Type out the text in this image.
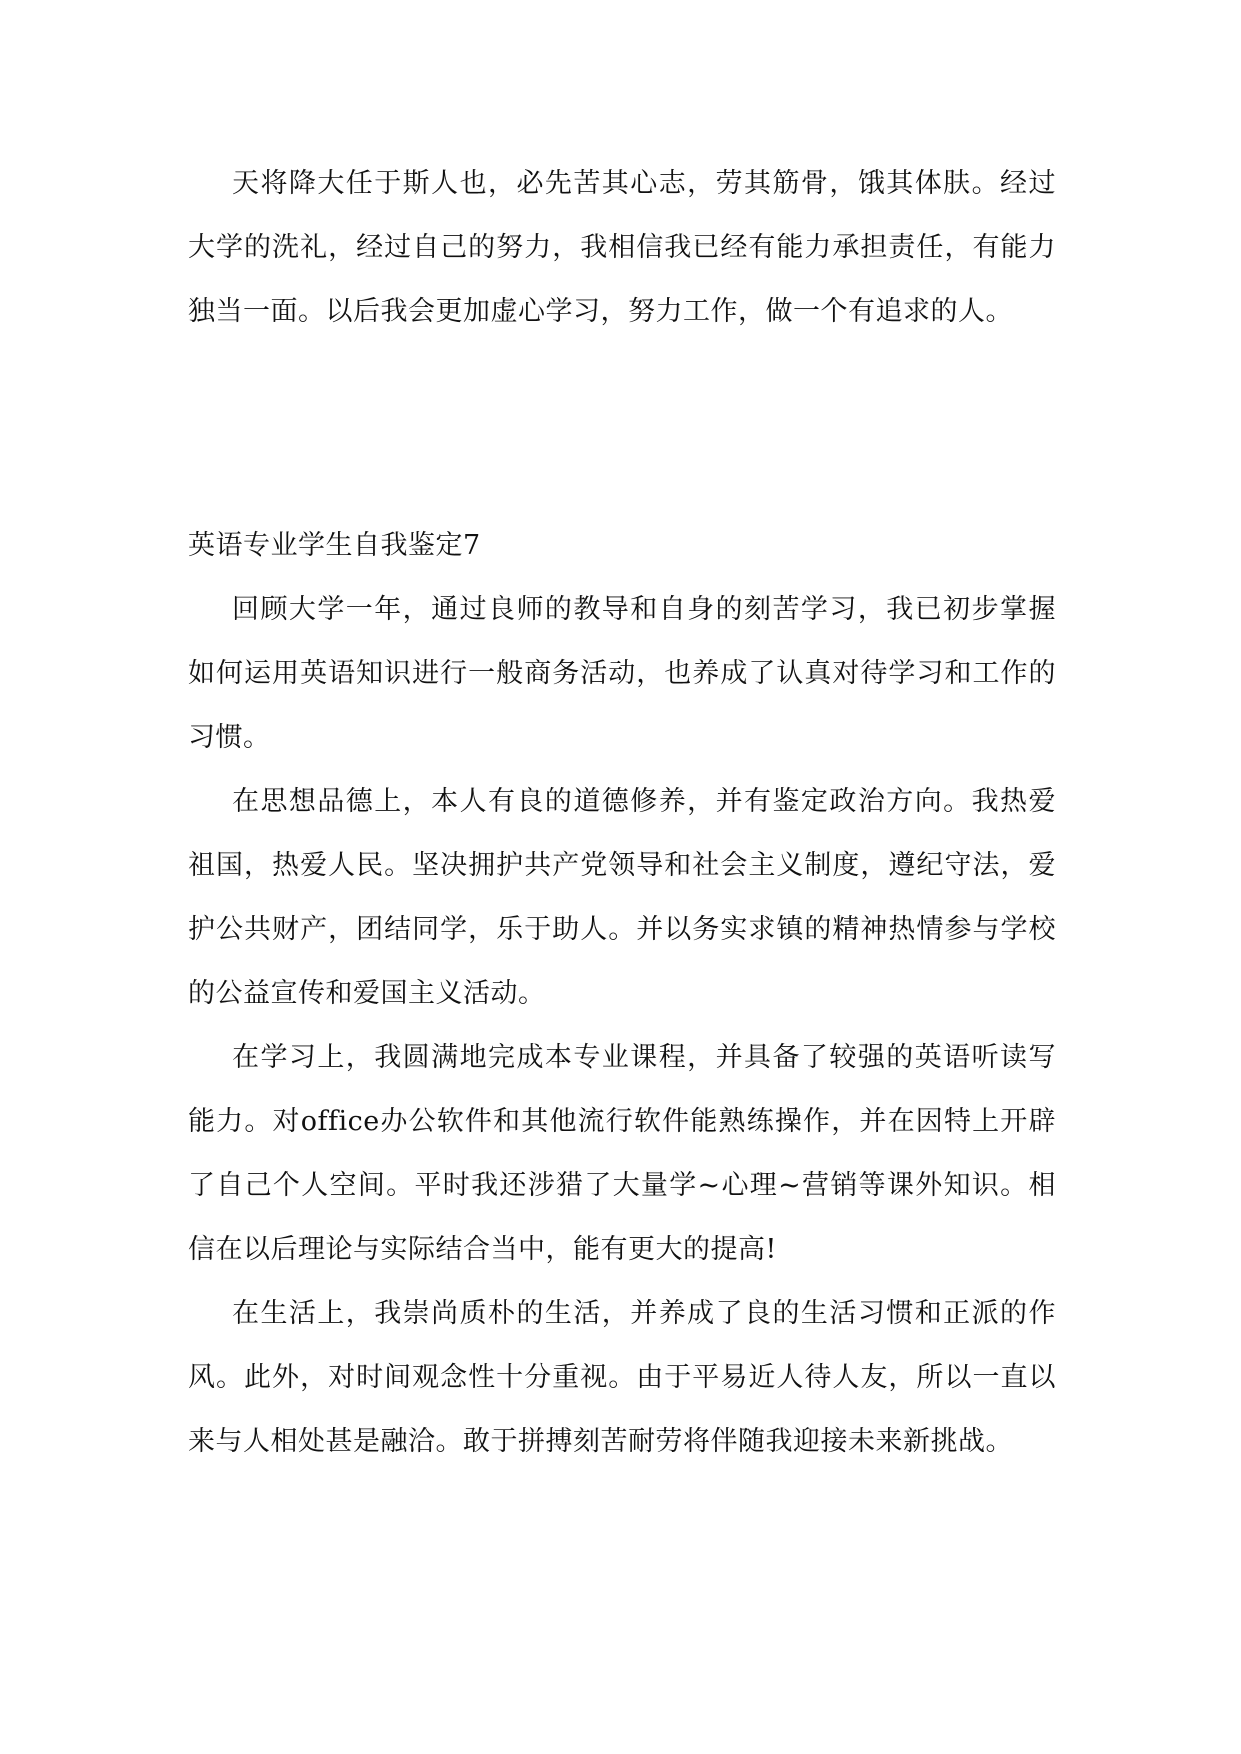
天将降大任于斯人也，必先苦其心志，劳其筋骨，饿其体肤。经过大学的洗礼，经过自己的努力，我相信我已经有能力承担责任，有能力独当一面。以后我会更加虚心学习，努力工作，做一个有追求的人。

英语专业学生自我鉴定7

回顾大学一年，通过良师的教导和自身的刻苦学习，我已初步掌握如何运用英语知识进行一般商务活动，也养成了认真对待学习和工作的习惯。

在思想品德上，本人有良的道德修养，并有鉴定政治方向。我热爱祖国，热爱人民。坚决拥护共产党领导和社会主义制度，遵纪守法，爱护公共财产，团结同学，乐于助人。并以务实求镇的精神热情参与学校的公益宣传和爱国主义活动。

在学习上，我圆满地完成本专业课程，并具备了较强的英语听读写能力。对office办公软件和其他流行软件能熟练操作，并在因特上开辟了自己个人空间。平时我还涉猎了大量学~心理~营销等课外知识。相信在以后理论与实际结合当中，能有更大的提高!

在生活上，我崇尚质朴的生活，并养成了良的生活习惯和正派的作风。此外，对时间观念性十分重视。由于平易近人待人友，所以一直以来与人相处甚是融洽。敢于拼搏刻苦耐劳将伴随我迎接未来新挑战。
